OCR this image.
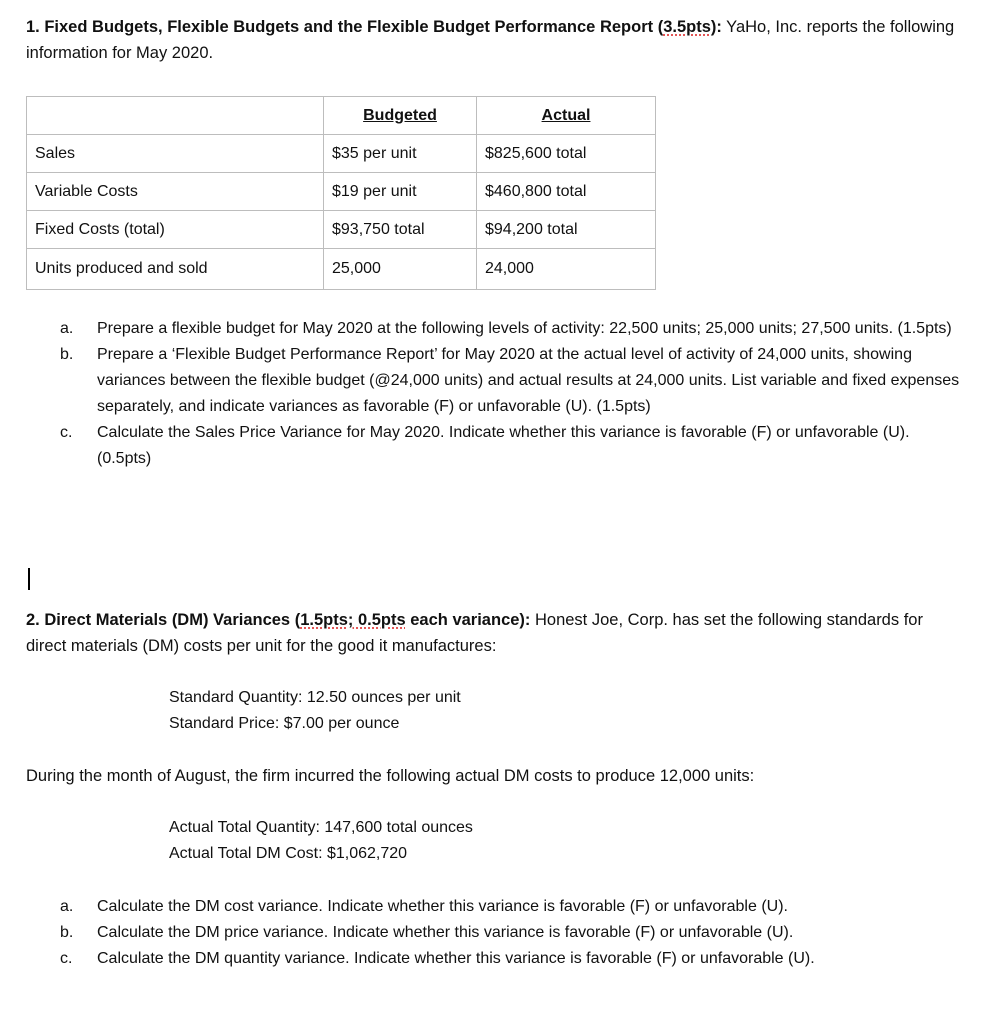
1. Fixed Budgets, Flexible Budgets and the Flexible Budget Performance Report (3.5pts): YaHo, Inc. reports the following information for May 2020.
	Budgeted	Actual
Sales	$35 per unit	$825,600 total
Variable Costs	$19 per unit	$460,800 total
Fixed Costs (total)	$93,750 total	$94,200 total
Units produced and sold	25,000	24,000
a.	Prepare a flexible budget for May 2020 at the following levels of activity: 22,500 units; 25,000 units; 27,500 units. (1.5pts)
b.	Prepare a ‘Flexible Budget Performance Report’ for May 2020 at the actual level of activity of 24,000 units, showing variances between the flexible budget (@24,000 units) and actual results at 24,000 units. List variable and fixed expenses separately, and indicate variances as favorable (F) or unfavorable (U). (1.5pts)
c.	Calculate the Sales Price Variance for May 2020. Indicate whether this variance is favorable (F) or unfavorable (U). (0.5pts)
2. Direct Materials (DM) Variances (1.5pts; 0.5pts each variance): Honest Joe, Corp. has set the following standards for direct materials (DM) costs per unit for the good it manufactures:
Standard Quantity: 12.50 ounces per unit
Standard Price: $7.00 per ounce
During the month of August, the firm incurred the following actual DM costs to produce 12,000 units:
Actual Total Quantity: 147,600 total ounces
Actual Total DM Cost: $1,062,720
a.	Calculate the DM cost variance. Indicate whether this variance is favorable (F) or unfavorable (U).
b.	Calculate the DM price variance. Indicate whether this variance is favorable (F) or unfavorable (U).
c.	Calculate the DM quantity variance. Indicate whether this variance is favorable (F) or unfavorable (U).
